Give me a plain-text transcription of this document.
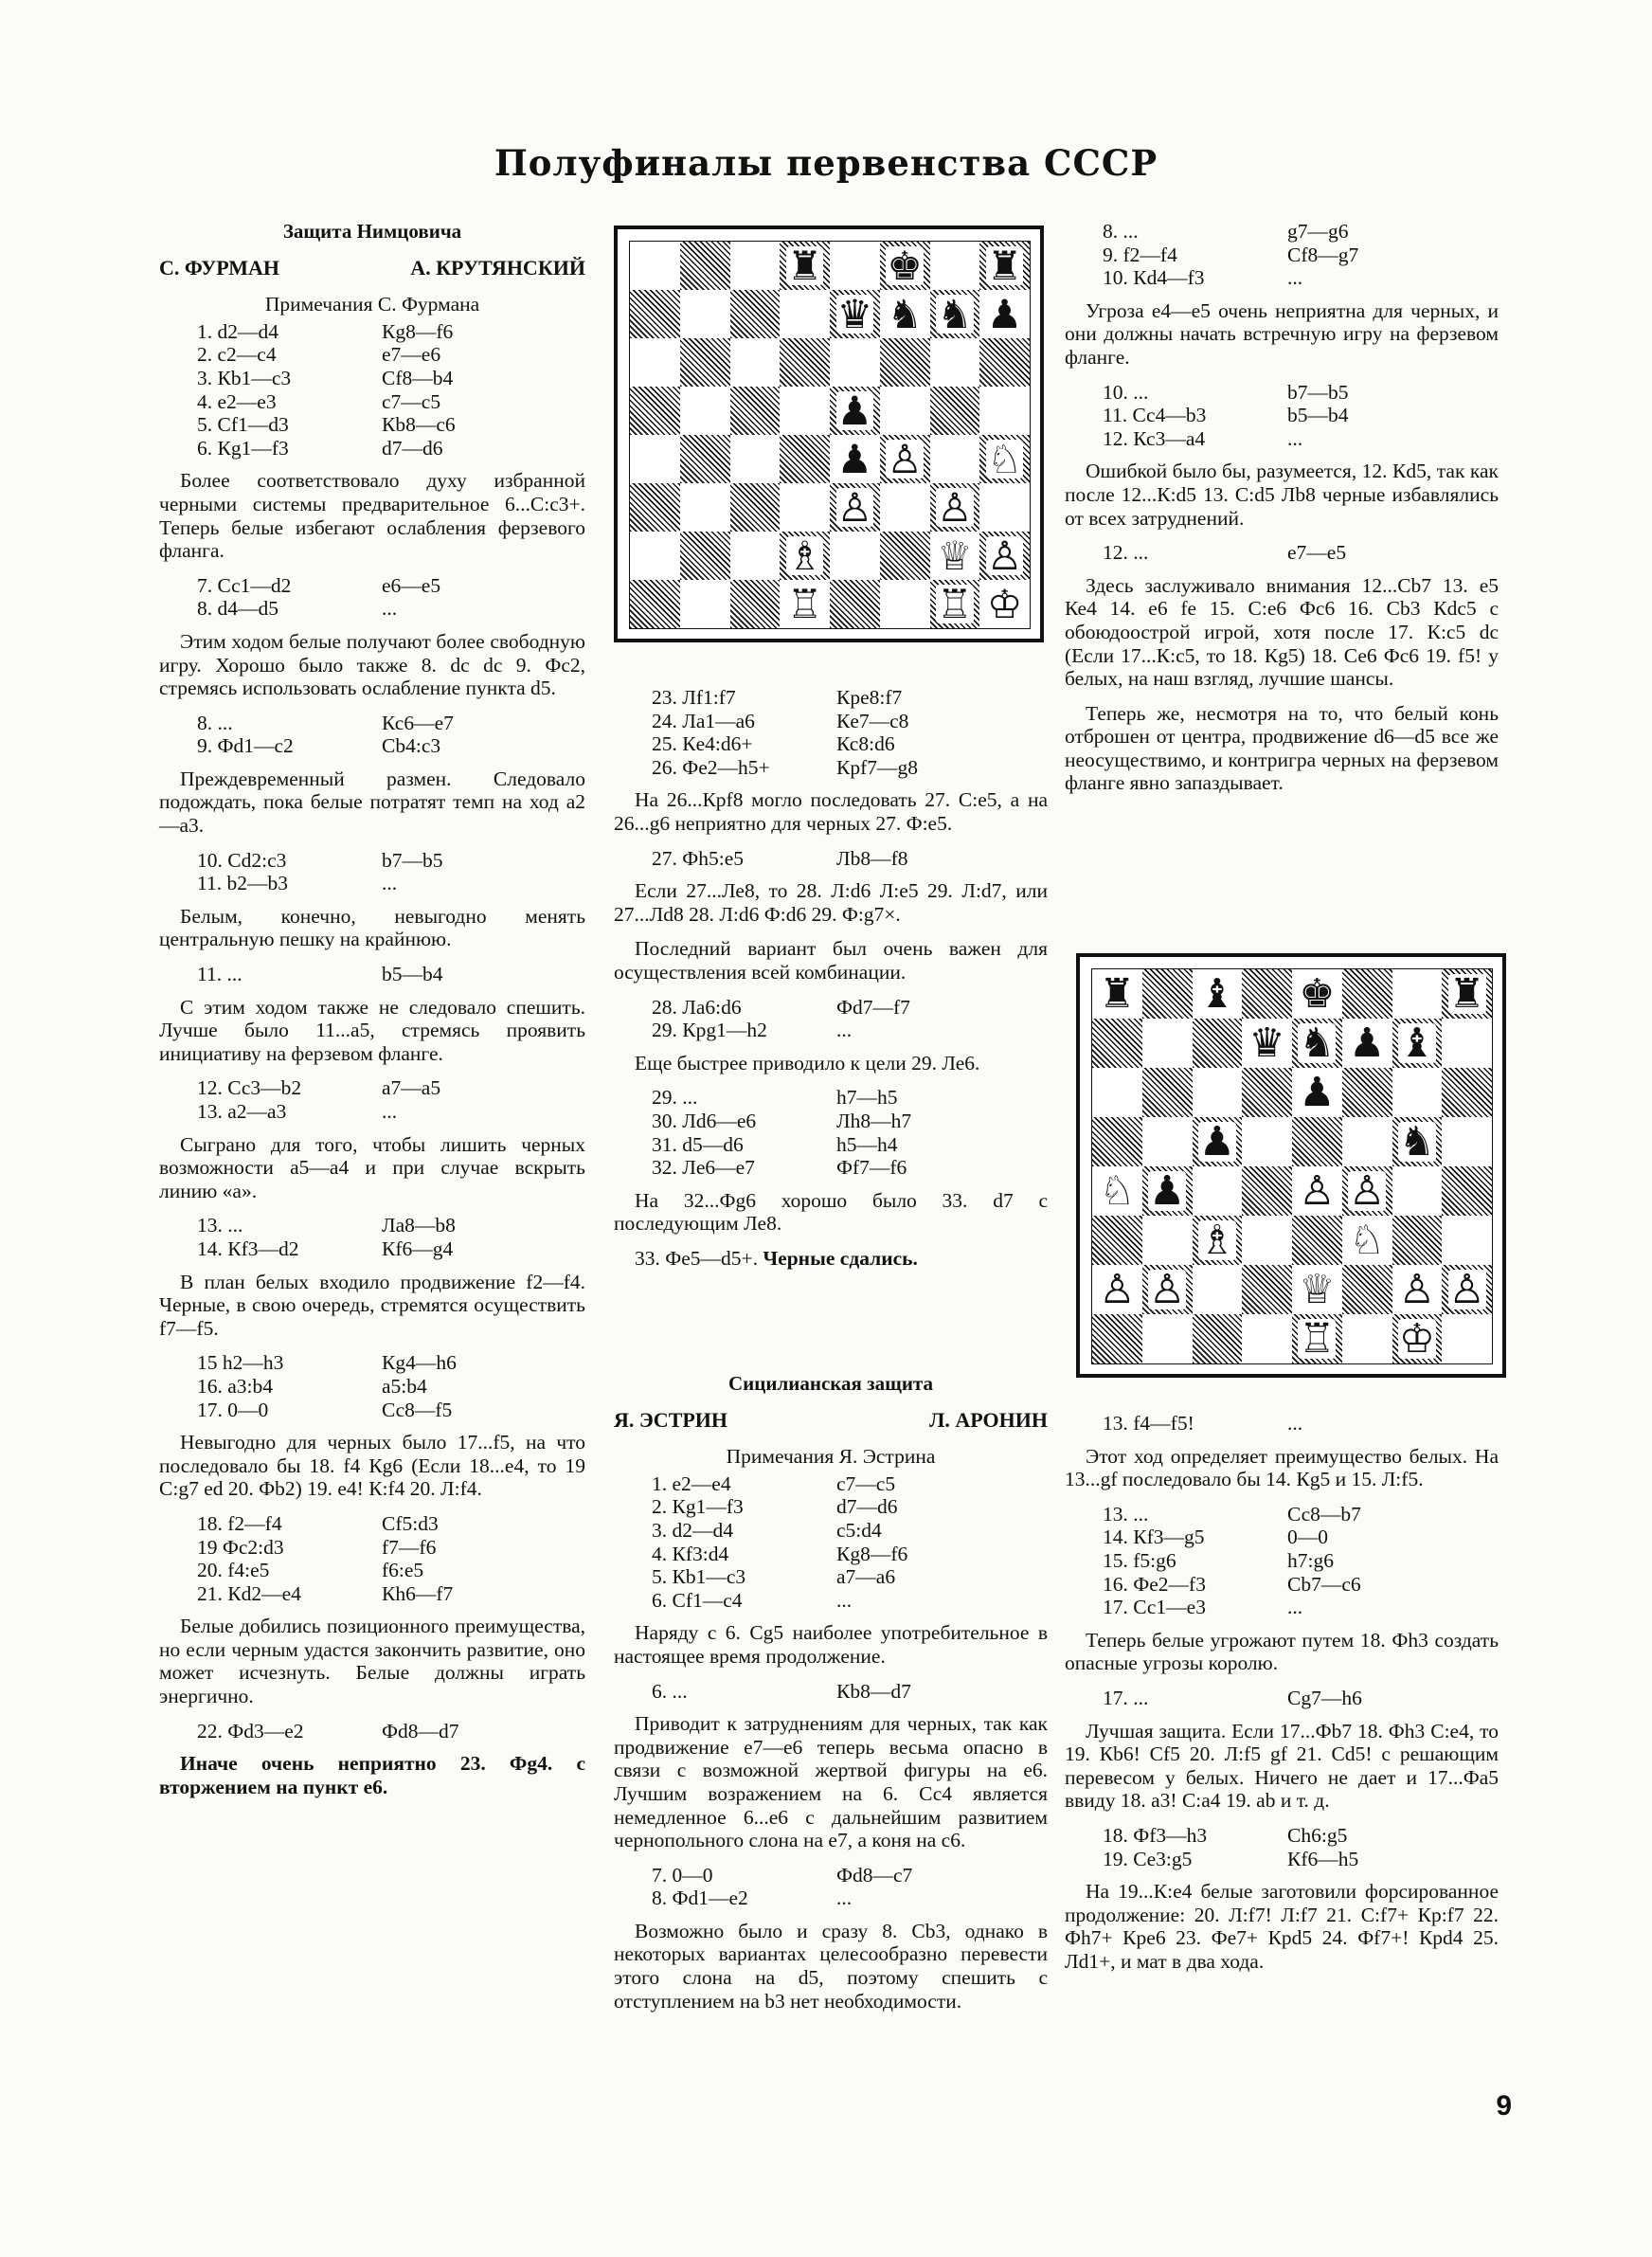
Полуфиналы первенства СССР
Защита Нимцовича
С. ФУРМАН	А. КРУТЯНСКИЙ
Примечания С. Фурмана
1. d2—d4	Кg8—f6
2. c2—c4	e7—e6
3. Кb1—c3	Сf8—b4
4. e2—e3	c7—c5
5. Сf1—d3	Кb8—c6
6. Кg1—f3	d7—d6

Более соответствовало духу избранной черными системы предварительное 6...С:с3+. Теперь белые избегают ослабления ферзевого фланга.

7. Сс1—d2	e6—e5
8. d4—d5	...

Этим ходом белые получают более свободную игру. Хорошо было также 8. dc dc 9. Фс2, стремясь использовать ослабление пункта d5.

8. ...	Кс6—e7
9. Фd1—c2	Сb4:c3

Преждевременный размен. Следовало подождать, пока белые потратят темп на ход а2—а3.

10. Сd2:c3	b7—b5
11. b2—b3	...

Белым, конечно, невыгодно менять центральную пешку на крайнюю.

11. ...	b5—b4

С этим ходом также не следовало спешить. Лучше было 11...а5, стремясь проявить инициативу на ферзевом фланге.

12. Сс3—b2	a7—a5
13. a2—a3	...

Сыграно для того, чтобы лишить черных возможности а5—а4 и при случае вскрыть линию «а».

13. ...	Лa8—b8
14. Кf3—d2	Кf6—g4

В план белых входило продвижение f2—f4. Черные, в свою очередь, стремятся осуществить f7—f5.

15 h2—h3	Кg4—h6
16. a3:b4	a5:b4
17. 0—0	Сс8—f5

Невыгодно для черных было 17...f5, на что последовало бы 18. f4 Кg6 (Если 18...e4, то 19 С:g7 ed 20. Фb2) 19. e4! К:f4 20. Л:f4.

18. f2—f4	Сf5:d3
19 Фс2:d3	f7—f6
20. f4:e5	f6:e5
21. Кd2—e4	Кh6—f7

Белые добились позиционного преимущества, но если черным удастся закончить развитие, оно может исчезнуть. Белые должны играть энергично.

22. Фd3—e2	Фd8—d7

Иначе очень неприятно 23. Фg4. с вторжением на пункт e6.

♜ ♚ ♜
♛ ♞ ♞ ♟
♟
♟ ♙ ♘
♙ ♙
♗	♕ ♙
♖	♖ ♔
23. Лf1:f7	Кре8:f7
24. Лa1—a6	Кe7—c8
25. Кe4:d6+	Кс8:d6
26. Фe2—h5+	Крf7—g8

На 26...Крf8 могло последовать 27. С:е5, а на 26...g6 неприятно для черных 27. Ф:е5.

27. Фh5:e5	Лb8—f8

Если 27...Ле8, то 28. Л:d6 Л:е5 29. Л:d7, или 27...Лd8 28. Л:d6 Ф:d6 29. Ф:g7×.

Последний вариант был очень важен для осуществления всей комбинации.

28. Лa6:d6	Фd7—f7
29. Крg1—h2	...

Еще быстрее приводило к цели 29. Ле6.

29. ...	h7—h5
30. Лd6—e6	Лh8—h7
31. d5—d6	h5—h4
32. Лe6—e7	Фf7—f6

На 32...Фg6 хорошо было 33. d7 с последующим Ле8.

33. Фе5—d5+. Черные сдались.

Сицилианская защита
Я. ЭСТРИН	Л. АРОНИН
Примечания Я. Эстрина
1. e2—e4	c7—c5
2. Кg1—f3	d7—d6
3. d2—d4	c5:d4
4. Кf3:d4	Кg8—f6
5. Кb1—c3	a7—a6
6. Сf1—c4	...

Наряду с 6. Сg5 наиболее употребительное в настоящее время продолжение.

6. ...	Кb8—d7

Приводит к затруднениям для черных, так как продвижение е7—е6 теперь весьма опасно в связи с возможной жертвой фигуры на е6. Лучшим возражением на 6. Сс4 является немедленное 6...е6 с дальнейшим развитием чернопольного слона на е7, а коня на с6.

7. 0—0	Фd8—c7
8. Фd1—e2	...

Возможно было и сразу 8. Сb3, однако в некоторых вариантах целесообразно перевести этого слона на d5, поэтому спешить с отступлением на b3 нет необходимости.

8. ...	g7—g6
9. f2—f4	Сf8—g7
10. Кd4—f3	...

Угроза е4—е5 очень неприятна для черных, и они должны начать встречную игру на ферзевом фланге.

10. ...	b7—b5
11. Сс4—b3	b5—b4
12. Кс3—a4	...

Ошибкой было бы, разумеется, 12. Кd5, так как после 12...К:d5 13. С:d5 Лb8 черные избавлялись от всех затруднений.

12. ...	e7—e5

Здесь заслуживало внимания 12...Сb7 13. е5 Ке4 14. е6 fe 15. С:е6 Фс6 16. Сb3 Кdc5 с обоюдоострой игрой, хотя после 17. К:с5 dc (Если 17...К:с5, то 18. Кg5) 18. Се6 Фс6 19. f5! у белых, на наш взгляд, лучшие шансы.

Теперь же, несмотря на то, что белый конь отброшен от центра, продвижение d6—d5 все же неосуществимо, и контригра черных на ферзевом фланге явно запаздывает.

♜ ♝ ♚	♜
♛ ♞ ♟ ♝
♟
♟	♞
♘ ♟	♙ ♙
♗	♘
♙ ♙	♕ ♙ ♙
♖ ♔
13. f4—f5!	...

Этот ход определяет преимущество белых. На 13...gf последовало бы 14. Кg5 и 15. Л:f5.

13. ...	Сс8—b7
14. Кf3—g5	0—0
15. f5:g6	h7:g6
16. Фe2—f3	Сb7—c6
17. Сс1—e3	...

Теперь белые угрожают путем 18. Фh3 создать опасные угрозы королю.

17. ...	Сg7—h6

Лучшая защита. Если 17...Фb7 18. Фh3 С:е4, то 19. Кb6! Сf5 20. Л:f5 gf 21. Сd5! с решающим перевесом у белых. Ничего не дает и 17...Фа5 ввиду 18. а3! С:а4 19. ab и т. д.

18. Фf3—h3	Сh6:g5
19. Сe3:g5	Кf6—h5

На 19...К:е4 белые заготовили форсированное продолжение: 20. Л:f7! Л:f7 21. С:f7+ Кр:f7 22. Фh7+ Кре6 23. Фе7+ Крd5 24. Фf7+! Крd4 25. Лd1+, и мат в два хода.

9
